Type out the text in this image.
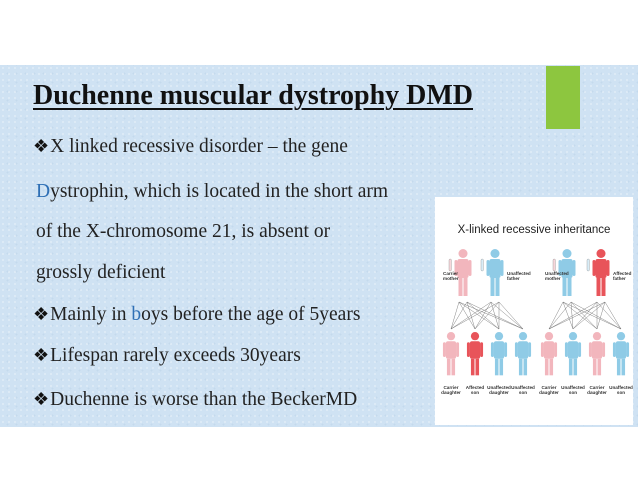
Duchenne muscular dystrophy DMD
❖X linked recessive disorder – the gene
Dystrophin, which is located in the short arm
of the X-chromosome 21, is absent or
grossly deficient
❖Mainly in boys before the age of 5years
❖Lifespan rarely exceeds 30years
❖Duchenne is worse than the BeckerMD
X-linked recessive inheritance
Carrier mother
Unaffected father
Unaffected mother
Affected father
Carrier daughter
Affected son
Unaffected daughter
Unaffected son
Carrier daughter
Unaffected son
Carrier daughter
Unaffected son
